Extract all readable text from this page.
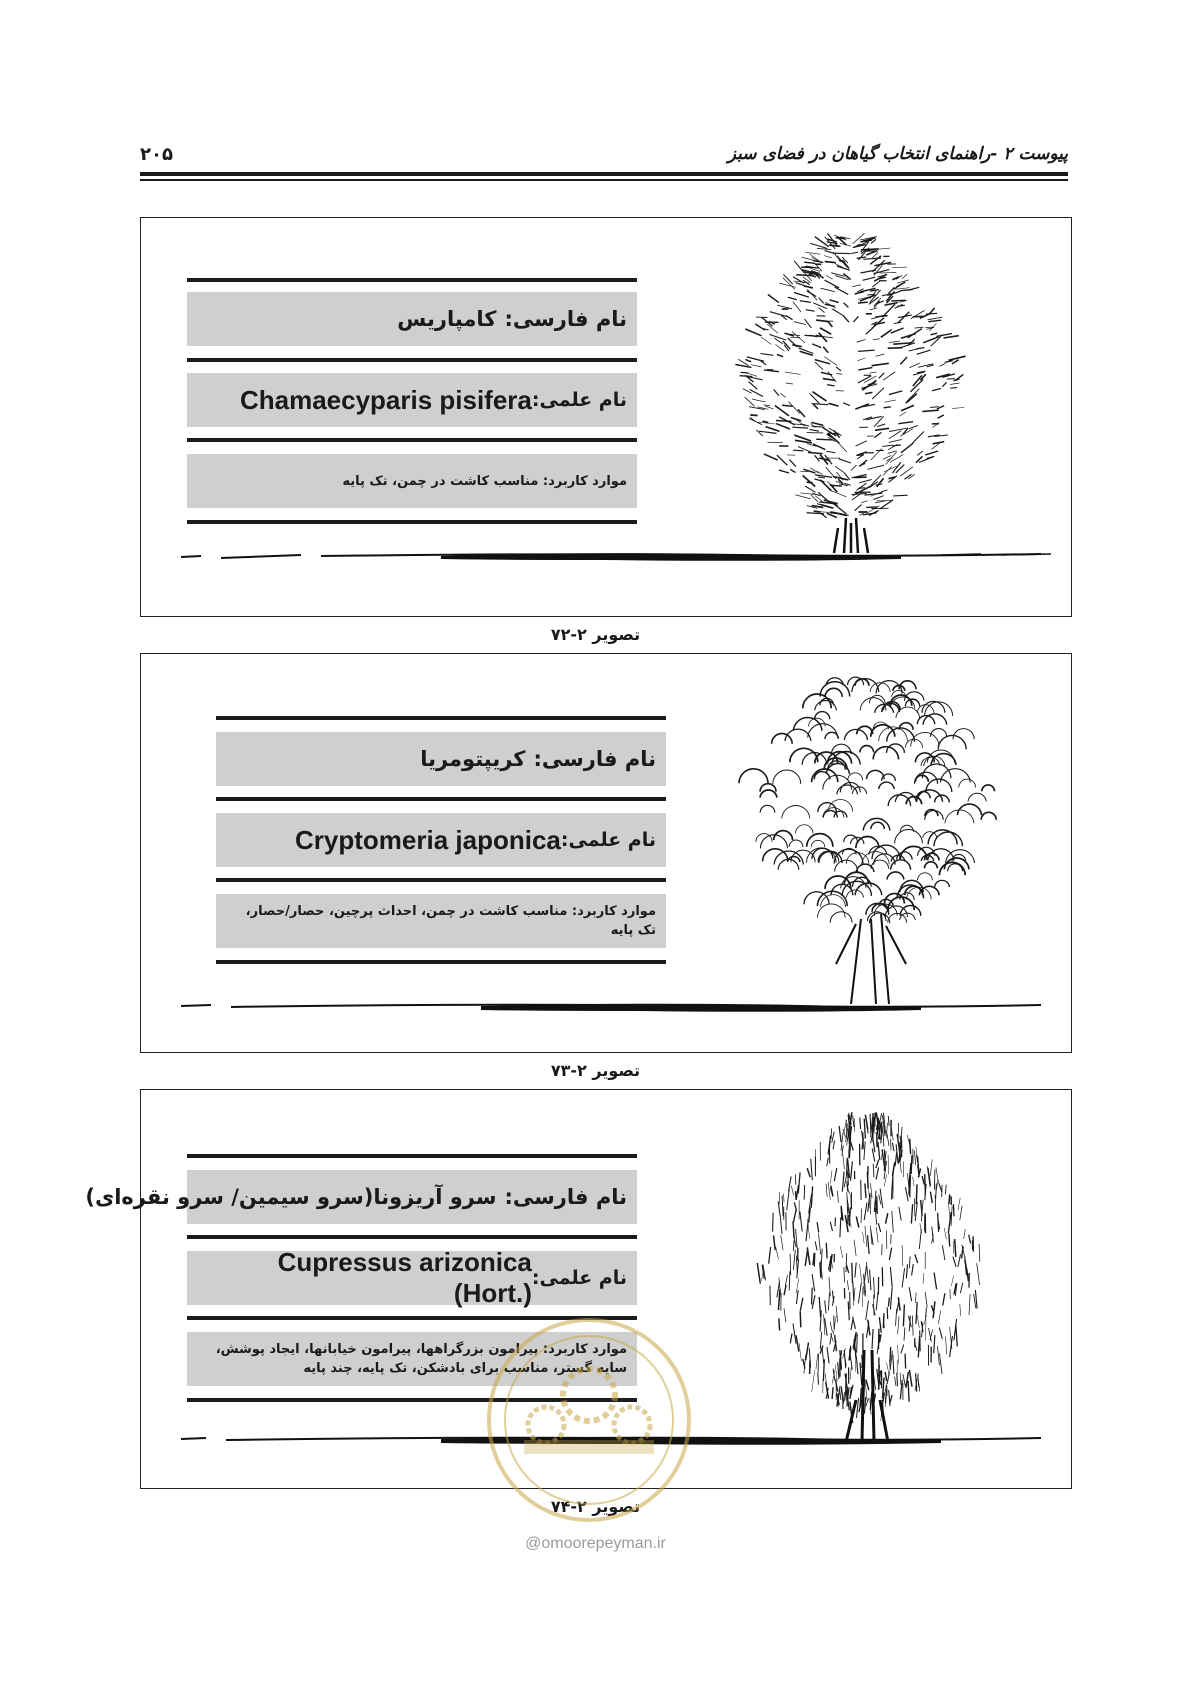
پیوست ۲ -راهنمای انتخاب گیاهان در فضای سبز
۲۰۵
نام فارسی:
کامپاریس
نام علمی:
Chamaecyparis pisifera
موارد کاربرد: مناسب کاشت در چمن، تک پایه
تصویر ۲-۷۲
نام فارسی:
کریپتومریا
نام علمی:
Cryptomeria japonica
موارد کاربرد: مناسب کاشت در چمن، احداث پرچین، حصار/حصار، تک پایه
تصویر ۲-۷۳
نام فارسی:
سرو آریزونا(سرو سیمین/ سرو نقره‌ای)
نام علمی:
Cupressus arizonica (Hort.)
موارد کاربرد: پیرامون بزرگراهها، پیرامون خیابانها، ایجاد پوشش، سایه گستر، مناسب برای بادشکن، تک پایه، چند پایه
تصویر ۲-۷۴
@omoorepeyman.ir
